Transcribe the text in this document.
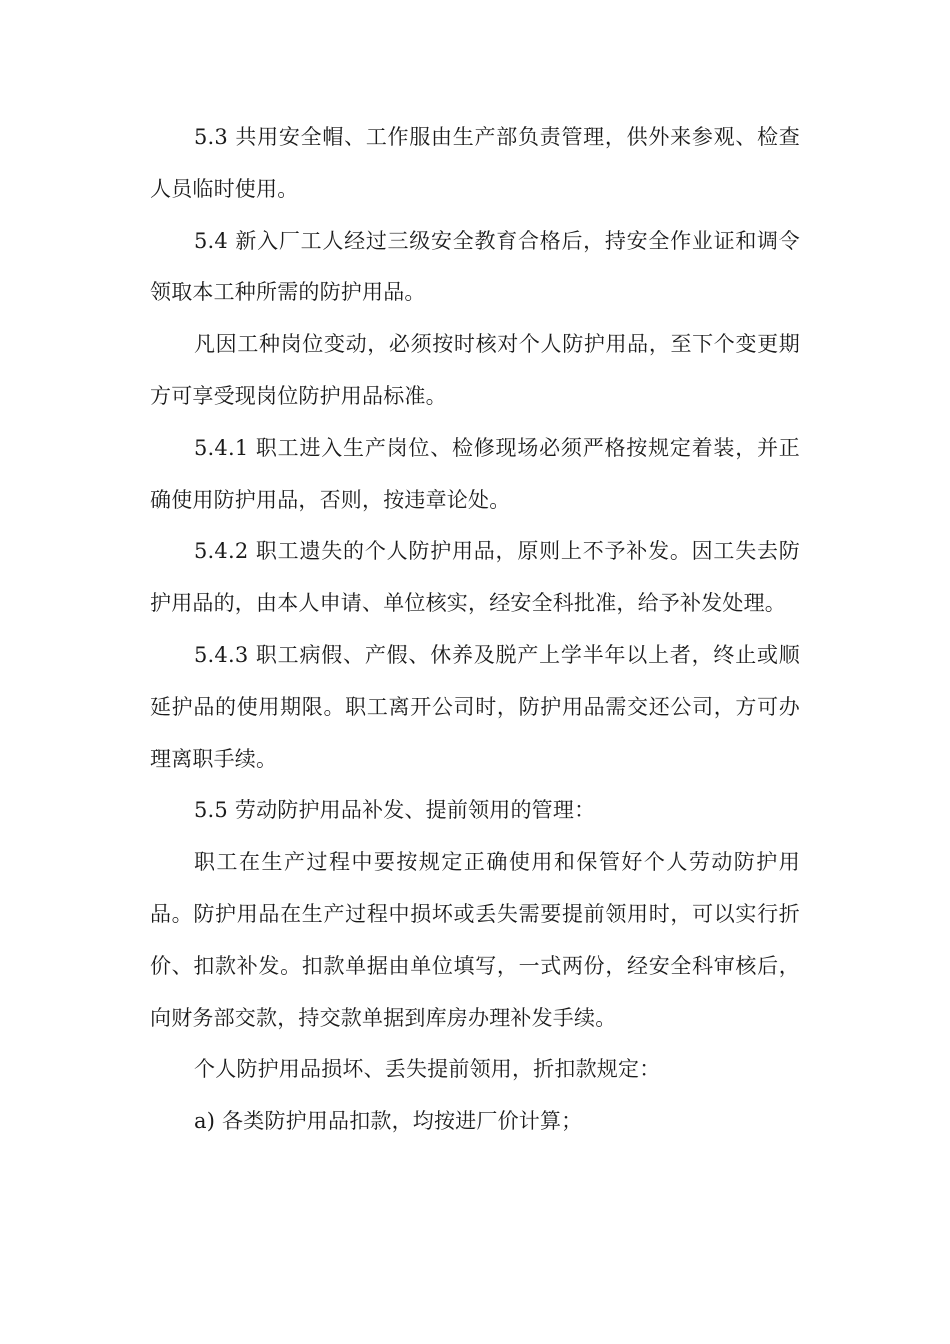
5.3 共用安全帽、工作服由生产部负责管理，供外来参观、检查人员临时使用。

5.4 新入厂工人经过三级安全教育合格后，持安全作业证和调令领取本工种所需的防护用品。

凡因工种岗位变动，必须按时核对个人防护用品，至下个变更期方可享受现岗位防护用品标准。

5.4.1 职工进入生产岗位、检修现场必须严格按规定着装，并正确使用防护用品，否则，按违章论处。

5.4.2 职工遗失的个人防护用品，原则上不予补发。因工失去防护用品的，由本人申请、单位核实，经安全科批准，给予补发处理。

5.4.3 职工病假、产假、休养及脱产上学半年以上者，终止或顺延护品的使用期限。职工离开公司时，防护用品需交还公司，方可办理离职手续。

5.5 劳动防护用品补发、提前领用的管理：

职工在生产过程中要按规定正确使用和保管好个人劳动防护用品。防护用品在生产过程中损坏或丢失需要提前领用时，可以实行折价、扣款补发。扣款单据由单位填写，一式两份，经安全科审核后，向财务部交款，持交款单据到库房办理补发手续。

个人防护用品损坏、丢失提前领用，折扣款规定：

a) 各类防护用品扣款，均按进厂价计算；
